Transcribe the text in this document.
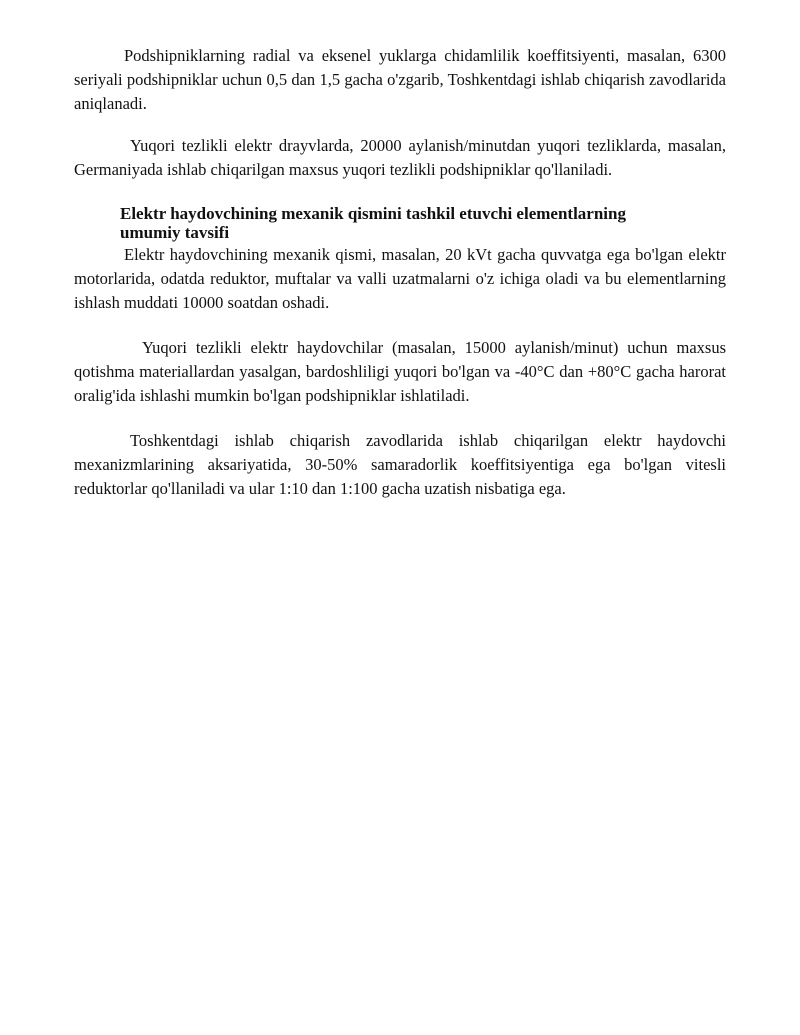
Podshipniklarning radial va eksenel yuklarga chidamlilik koeffitsiyenti, masalan, 6300 seriyali podshipniklar uchun 0,5 dan 1,5 gacha o'zgarib, Toshkentdagi ishlab chiqarish zavodlarida aniqlanadi.

Yuqori tezlikli elektr drayvlarda, 20000 aylanish/minutdan yuqori tezliklarda, masalan, Germaniyada ishlab chiqarilgan maxsus yuqori tezlikli podshipniklar qo'llaniladi.

Elektr haydovchining mexanik qismini tashkil etuvchi elementlarning umumiy tavsifi

Elektr haydovchining mexanik qismi, masalan, 20 kVt gacha quvvatga ega bo'lgan elektr motorlarida, odatda reduktor, muftalar va valli uzatmalarni o'z ichiga oladi va bu elementlarning ishlash muddati 10000 soatdan oshadi.

Yuqori tezlikli elektr haydovchilar (masalan, 15000 aylanish/minut) uchun maxsus qotishma materiallardan yasalgan, bardoshliligi yuqori bo'lgan va -40°C dan +80°C gacha harorat oralig'ida ishlashi mumkin bo'lgan podshipniklar ishlatiladi.

Toshkentdagi ishlab chiqarish zavodlarida ishlab chiqarilgan elektr haydovchi mexanizmlarining aksariyatida, 30-50% samaradorlik koeffitsiyentiga ega bo'lgan vitesli reduktorlar qo'llaniladi va ular 1:10 dan 1:100 gacha uzatish nisbatiga ega.
